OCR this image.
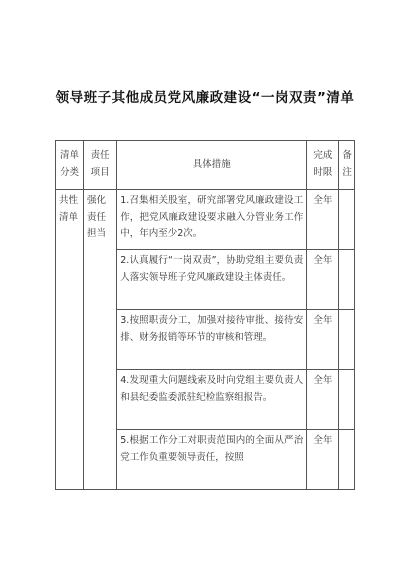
领导班子其他成员党风廉政建设“一岗双责”清单
清单分类	责任项目	具体措施	完成时限	备注
共性清单	强化责任担当	1.召集相关股室，研究部署党风廉政建设工作，把党风廉政建设要求融入分管业务工作中，年内至少2次。	全年	
		2.认真履行“一岗双责”，协助党组主要负责人落实领导班子党风廉政建设主体责任。	全年	
		3.按照职责分工，加强对接待审批、接待安排、财务报销等环节的审核和管理。	全年	
		4.发现重大问题线索及时向党组主要负责人和县纪委监委派驻纪检监察组报告。	全年	
		5.根据工作分工对职责范围内的全面从严治党工作负重要领导责任，按照	全年	
